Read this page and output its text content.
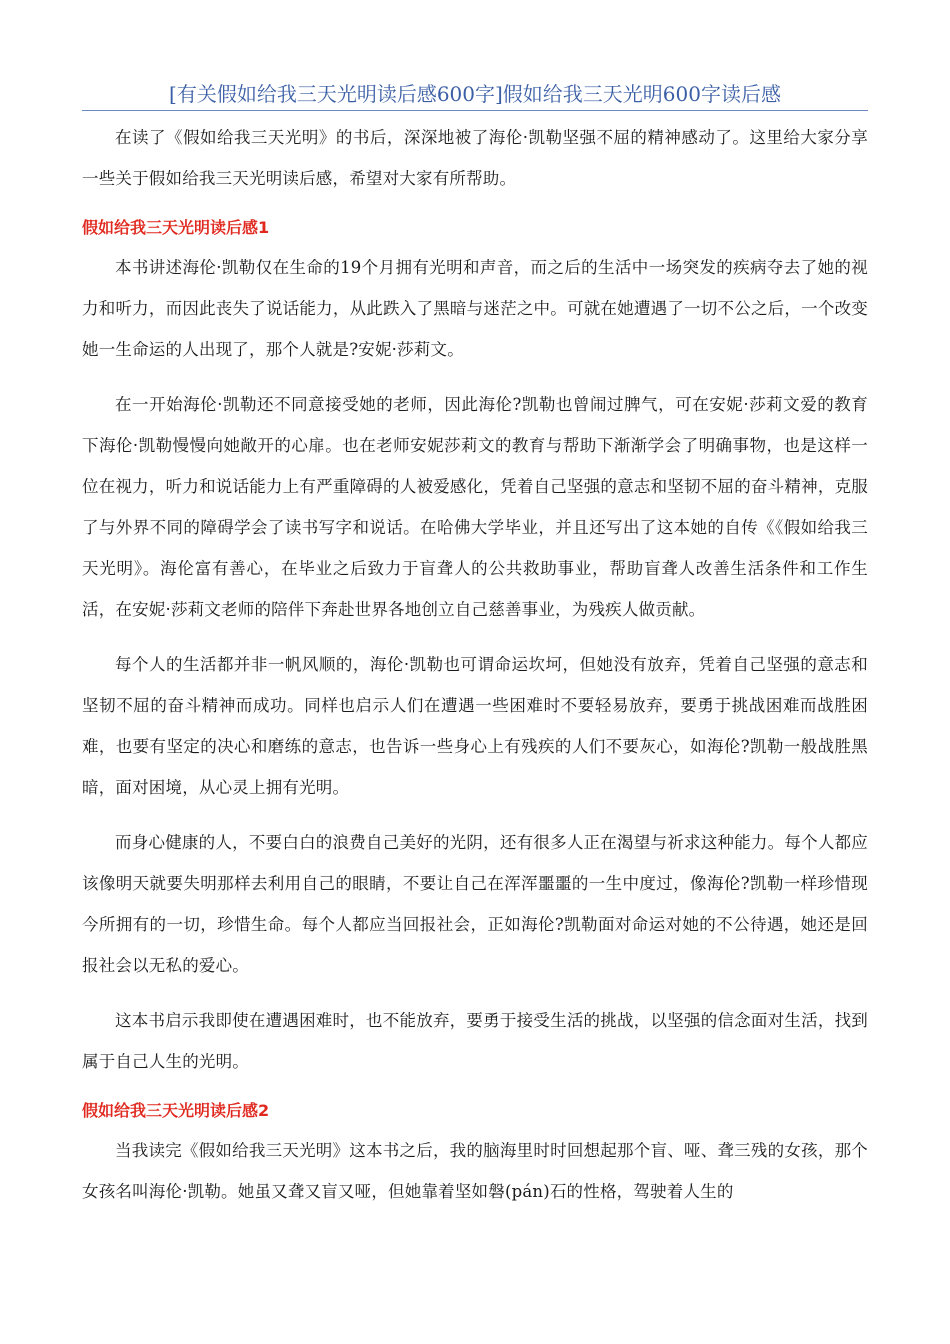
[有关假如给我三天光明读后感600字]假如给我三天光明600字读后感

在读了《假如给我三天光明》的书后，深深地被了海伦·凯勒坚强不屈的精神感动了。这里给大家分享一些关于假如给我三天光明读后感，希望对大家有所帮助。

假如给我三天光明读后感1

本书讲述海伦·凯勒仅在生命的19个月拥有光明和声音，而之后的生活中一场突发的疾病夺去了她的视力和听力，而因此丧失了说话能力，从此跌入了黑暗与迷茫之中。可就在她遭遇了一切不公之后，一个改变她一生命运的人出现了，那个人就是?安妮·莎莉文。

在一开始海伦·凯勒还不同意接受她的老师，因此海伦?凯勒也曾闹过脾气，可在安妮·莎莉文爱的教育下海伦·凯勒慢慢向她敞开的心扉。也在老师安妮莎莉文的教育与帮助下渐渐学会了明确事物，也是这样一位在视力，听力和说话能力上有严重障碍的人被爱感化，凭着自己坚强的意志和坚韧不屈的奋斗精神，克服了与外界不同的障碍学会了读书写字和说话。在哈佛大学毕业，并且还写出了这本她的自传《《假如给我三天光明》。海伦富有善心，在毕业之后致力于盲聋人的公共救助事业，帮助盲聋人改善生活条件和工作生活，在安妮·莎莉文老师的陪伴下奔赴世界各地创立自己慈善事业，为残疾人做贡献。

每个人的生活都并非一帆风顺的，海伦·凯勒也可谓命运坎坷，但她没有放弃，凭着自己坚强的意志和坚韧不屈的奋斗精神而成功。同样也启示人们在遭遇一些困难时不要轻易放弃，要勇于挑战困难而战胜困难，也要有坚定的决心和磨练的意志，也告诉一些身心上有残疾的人们不要灰心，如海伦?凯勒一般战胜黑暗，面对困境，从心灵上拥有光明。

而身心健康的人，不要白白的浪费自己美好的光阴，还有很多人正在渴望与祈求这种能力。每个人都应该像明天就要失明那样去利用自己的眼睛，不要让自己在浑浑噩噩的一生中度过，像海伦?凯勒一样珍惜现今所拥有的一切，珍惜生命。每个人都应当回报社会，正如海伦?凯勒面对命运对她的不公待遇，她还是回报社会以无私的爱心。

这本书启示我即使在遭遇困难时，也不能放弃，要勇于接受生活的挑战，以坚强的信念面对生活，找到属于自己人生的光明。

假如给我三天光明读后感2

当我读完《假如给我三天光明》这本书之后，我的脑海里时时回想起那个盲、哑、聋三残的女孩，那个女孩名叫海伦·凯勒。她虽又聋又盲又哑，但她靠着坚如磐(pán)石的性格，驾驶着人生的
